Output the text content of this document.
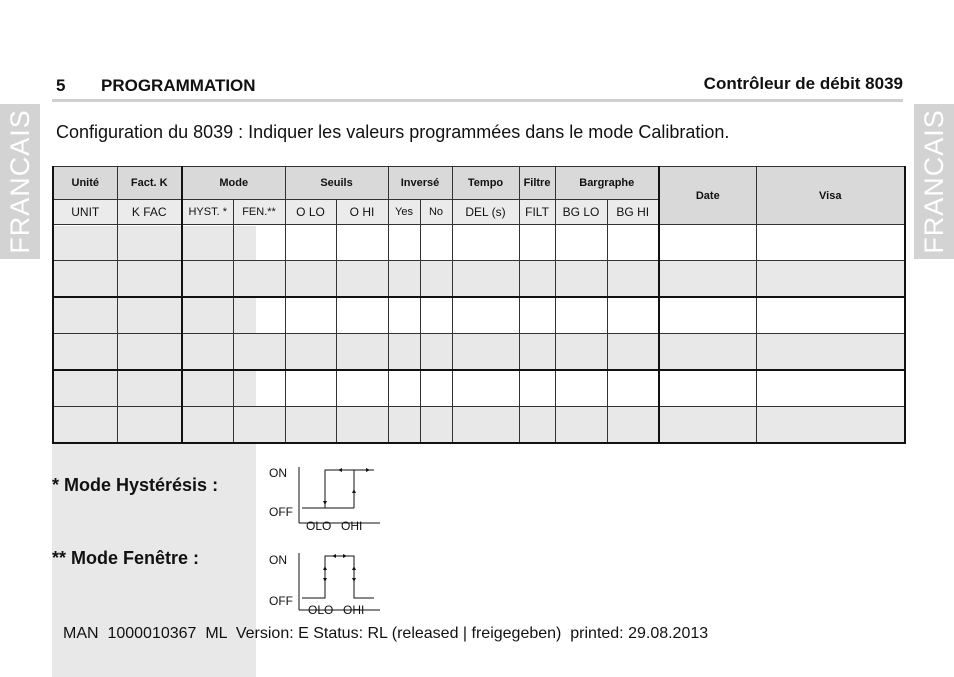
5 PROGRAMMATION	Contrôleur de débit 8039
FRANCAIS	FRANCAIS
Configuration du 8039 : Indiquer les valeurs programmées dans le mode Calibration.
Unité	Fact. K	Mode		Seuils		Inversé		Tempo	Filtre	Bargraphe		Date	Visa
UNIT	K FAC	HYST. *	FEN.**	O LO	O HI	Yes	No	DEL (s)	FILT	BG LO	BG HI		

* Mode Hystérésis :
ON
OFF
OLO OHI
** Mode Fenêtre :	ON
OFF
OLO OHI
MAN  1000010367  ML  Version: E Status: RL (released | freigegeben)  printed: 29.08.2013
